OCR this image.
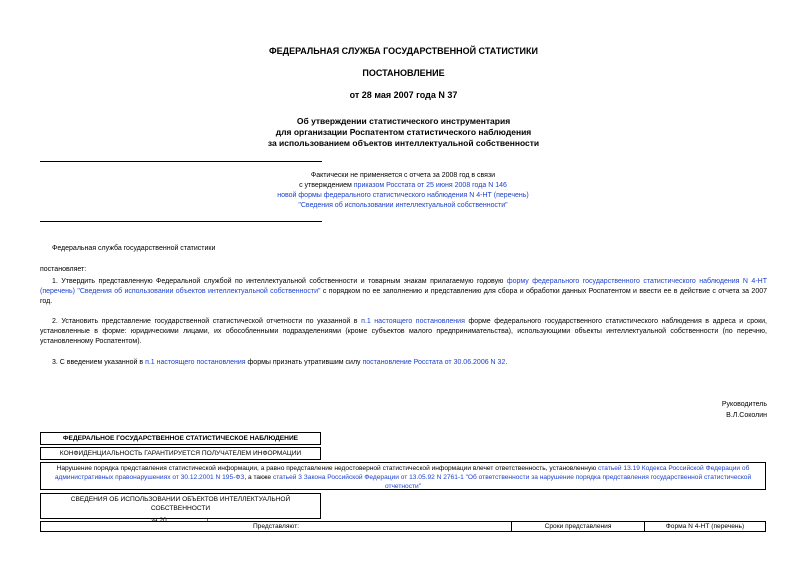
ФЕДЕРАЛЬНАЯ СЛУЖБА ГОСУДАРСТВЕННОЙ СТАТИСТИКИ
ПОСТАНОВЛЕНИЕ
от 28 мая 2007 года N 37
Об утверждении статистического инструментария
для организации Роспатентом статистического наблюдения
за использованием объектов интеллектуальной собственности
Фактически не применяется с отчета за 2008 год в связи
с утверждением приказом Росстата от 25 июня 2008 года N 146
новой формы федерального статистического наблюдения N 4-НТ (перечень)
"Сведения об использовании интеллектуальной собственности"
Федеральная служба государственной статистики
постановляет:

1. Утвердить представленную Федеральной службой по интеллектуальной собственности и товарным знакам прилагаемую годовую форму федерального государственного статистического наблюдения N 4-НТ (перечень) "Сведения об использовании объектов интеллектуальной собственности" с порядком по ее заполнению и представлению для сбора и обработки данных Роспатентом и ввести ее в действие с отчета за 2007 год.

2. Установить представление государственной статистической отчетности по указанной в п.1 настоящего постановления форме федерального государственного статистического наблюдения в адреса и сроки, установленные в форме: юридическими лицами, их обособленными подразделениями (кроме субъектов малого предпринимательства), использующими объекты интеллектуальной собственности (по перечню, установленному Роспатентом).

3. С введением указанной в п.1 настоящего постановления формы признать утратившим силу постановление Росстата от 30.06.2006 N 32.

Руководитель
В.Л.Соколин
ФЕДЕРАЛЬНОЕ ГОСУДАРСТВЕННОЕ СТАТИСТИЧЕСКОЕ НАБЛЮДЕНИЕ
КОНФИДЕНЦИАЛЬНОСТЬ ГАРАНТИРУЕТСЯ ПОЛУЧАТЕЛЕМ ИНФОРМАЦИИ
Нарушение порядка представления статистической информации, а равно представление недостоверной статистической информации влечет ответственность, установленную статьей 13.19 Кодекса Российской Федерации об административных правонарушениях от 30.12.2001 N 195-ФЗ, а также статьей 3 Закона Российской Федерации от 13.05.92 N 2761-1 "Об ответственности за нарушение порядка представления государственной статистической отчетности"
СВЕДЕНИЯ ОБ ИСПОЛЬЗОВАНИИ ОБЪЕКТОВ ИНТЕЛЛЕКТУАЛЬНОЙ СОБСТВЕННОСТИ
за 20	г.
Представляют:	Сроки представления	Форма N 4-НТ (перечень)
